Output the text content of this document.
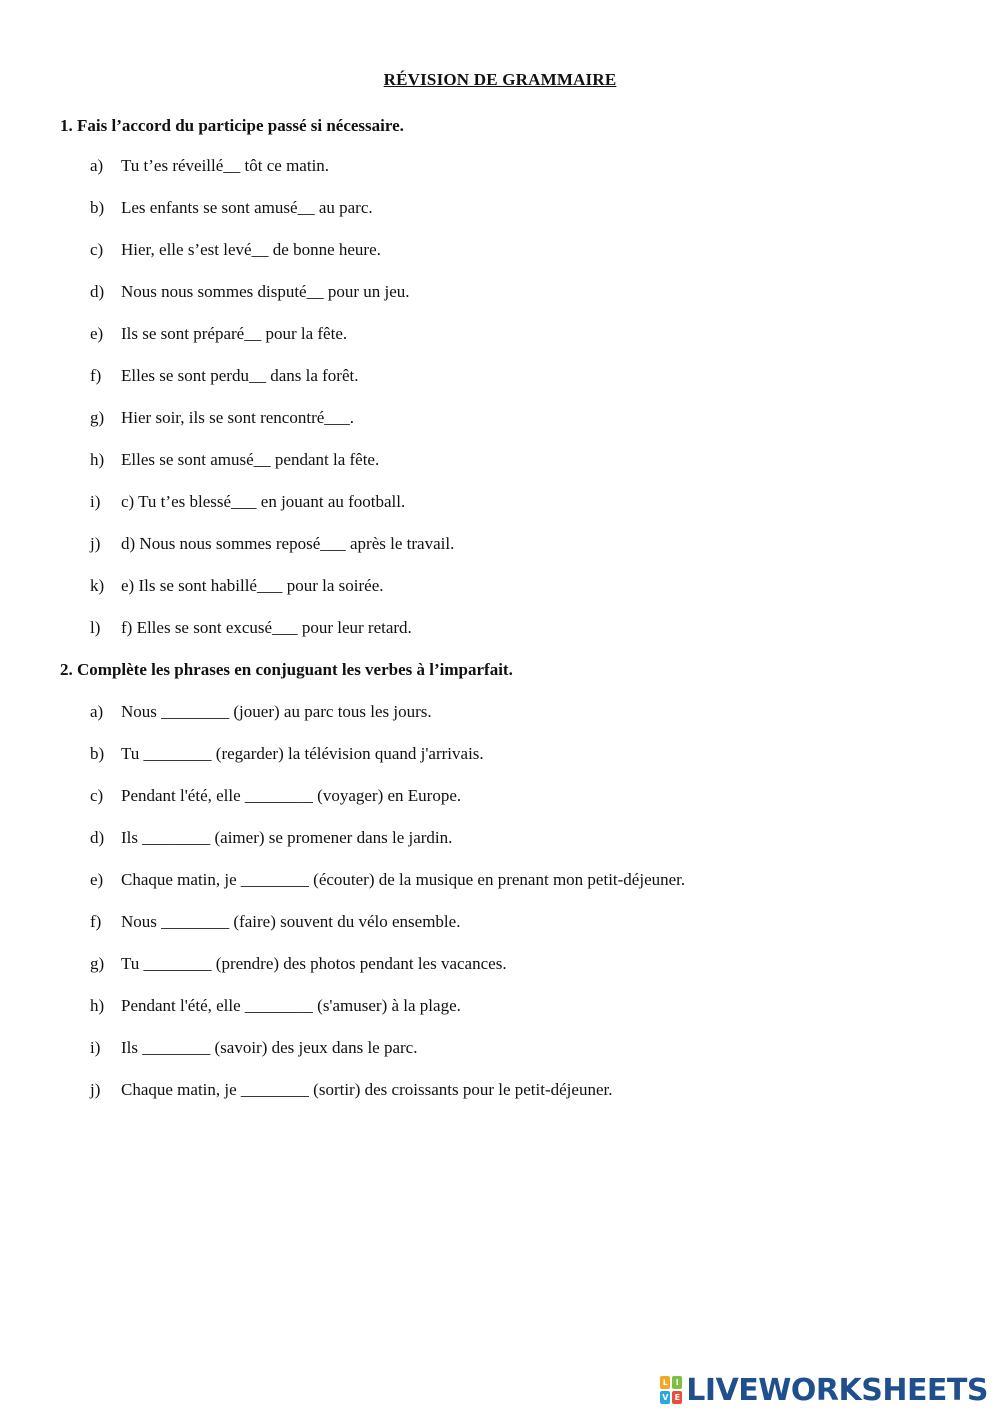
RÉVISION DE GRAMMAIRE
1. Fais l’accord du participe passé si nécessaire.
a) Tu t’es réveillé__ tôt ce matin.
b) Les enfants se sont amusé__ au parc.
c) Hier, elle s’est levé__ de bonne heure.
d) Nous nous sommes disputé__ pour un jeu.
e) Ils se sont préparé__ pour la fête.
f) Elles se sont perdu__ dans la forêt.
g) Hier soir, ils se sont rencontré___.
h) Elles se sont amusé__ pendant la fête.
i) c) Tu t’es blessé___ en jouant au football.
j) d) Nous nous sommes reposé___ après le travail.
k) e) Ils se sont habillé___ pour la soirée.
l) f) Elles se sont excusé___ pour leur retard.
2. Complète les phrases en conjuguant les verbes à l’imparfait.
a) Nous ________ (jouer) au parc tous les jours.
b) Tu ________ (regarder) la télévision quand j'arrivais.
c) Pendant l'été, elle ________ (voyager) en Europe.
d) Ils ________ (aimer) se promener dans le jardin.
e) Chaque matin, je ________ (écouter) de la musique en prenant mon petit-déjeuner.
f) Nous ________ (faire) souvent du vélo ensemble.
g) Tu ________ (prendre) des photos pendant les vacances.
h) Pendant l'été, elle ________ (s'amuser) à la plage.
i) Ils ________ (savoir) des jeux dans le parc.
j) Chaque matin, je ________ (sortir) des croissants pour le petit-déjeuner.
L I
V E LIVEWORKSHEETS
